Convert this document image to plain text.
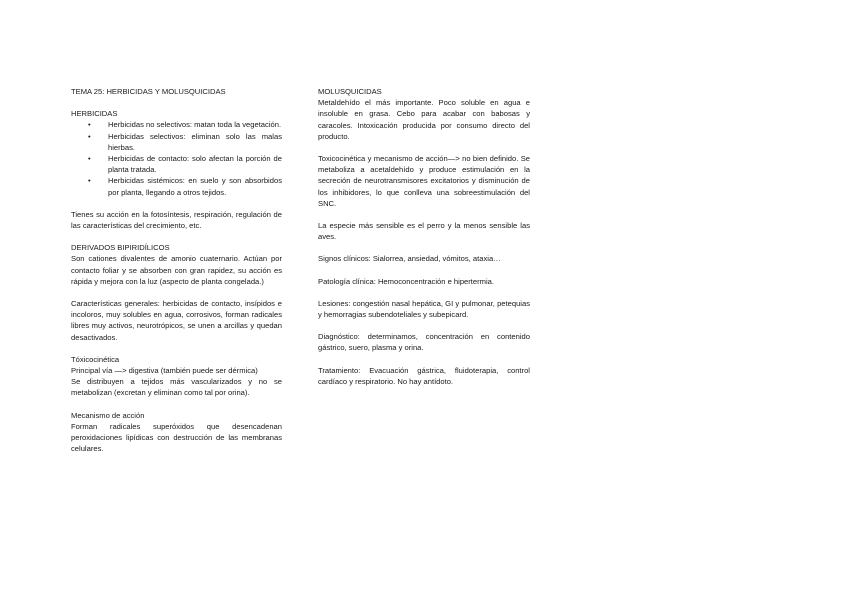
TEMA 25: HERBICIDAS Y MOLUSQUICIDAS

HERBICIDAS

• Herbicidas no selectivos: matan toda la vegetación.
• Herbicidas selectivos: eliminan solo las malas hierbas.
• Herbicidas de contacto: solo afectan la porción de planta tratada.
• Herbicidas sistémicos: en suelo y son absorbidos por planta, llegando a otros tejidos.

Tienes su acción en la fotosíntesis, respiración, regulación de las características del crecimiento, etc.

DERIVADOS BIPIRIDÍLICOS

Son cationes divalentes de amonio cuaternario. Actúan por contacto foliar y se absorben con gran rapidez, su acción es rápida y mejora con la luz (aspecto de planta congelada.)

Características generales: herbicidas de contacto, insípidos e incoloros, muy solubles en agua, corrosivos, forman radicales libres muy activos, neurotrópicos, se unen a arcillas y quedan desactivados.

Tóxicocinética

Principal vía —> digestiva (también puede ser dérmica)

Se distribuyen a tejidos más vascularizados y no se metabolizan (excretan y eliminan como tal por orina).

Mecanismo de acción

Forman radicales superóxidos que desencadenan peroxidaciones lipídicas con destrucción de las membranas celulares.

MOLUSQUICIDAS

Metaldehído el más importante. Poco soluble en agua e insoluble en grasa. Cebo para acabar con babosas y caracoles. Intoxicación producida por consumo directo del producto.

Toxicocinética y mecanismo de acción—> no bien definido. Se metaboliza a acetaldehído y produce estimulación en la secreción de neurotransmisores excitatorios y disminución de los inhibidores, lo que conlleva una sobreestimulación del SNC.

La especie más sensible es el perro y la menos sensible las aves.

Signos clínicos: Sialorrea, ansiedad, vómitos, ataxia…

Patología clínica: Hemoconcentración e hipertermia.

Lesiones: congestión nasal hepática, GI y pulmonar, petequias y hemorragias subendoteliales y subepicard.

Diagnóstico: determinamos, concentración en contenido gástrico, suero, plasma y orina.

Tratamiento: Evacuación gástrica, fluidoterapia, control cardíaco y respiratorio. No hay antídoto.
